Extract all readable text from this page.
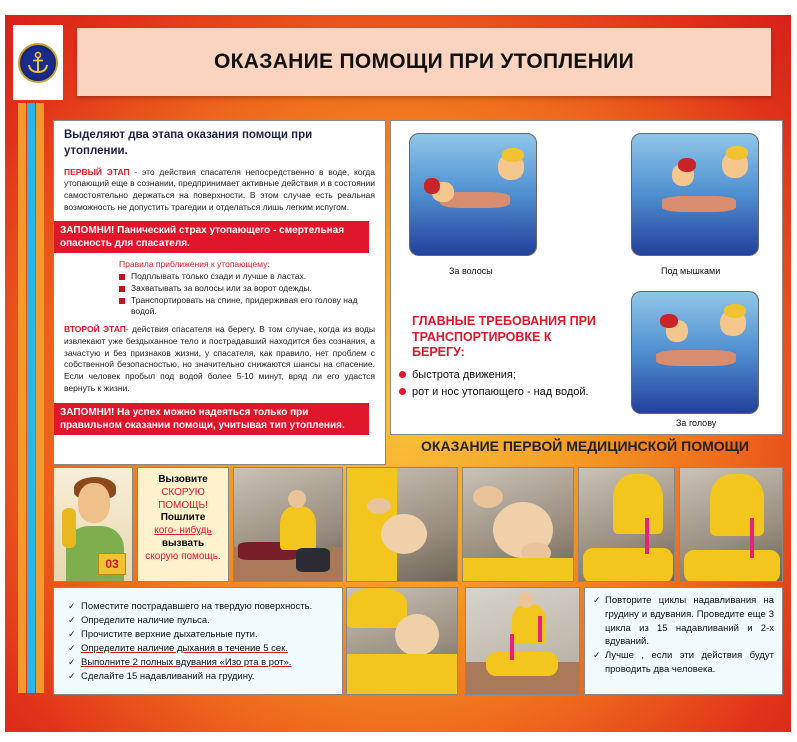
ОКАЗАНИЕ ПОМОЩИ ПРИ УТОПЛЕНИИ
Выделяют два этапа оказания помощи при утоплении.

ПЕРВЫЙ ЭТАП - это действия спасателя непосредственно в воде, когда утопающий еще в сознании, предпринимает активные действия и в состоянии самостоятельно держаться на поверхности. В этом случае есть реальная возможность не допустить трагедии и отделаться лишь легким испугом.

ЗАПОМНИ! Панический страх утопающего - смертельная опасность для спасателя.
Правила приближения к утопающему:
Подплывать только сзади и лучше в ластах.
Захватывать за волосы или за ворот одежды.
Транспортировать на спине, придерживая его голову над водой.

ВТОРОЙ ЭТАП- действия спасателя на берегу. В том случае, когда из воды извлекают уже бездыханное тело и пострадавший находится без сознания, а зачастую и без признаков жизни, у спасателя, как правило, нет проблем с собственной безопасностью, но значительно снижаются шансы на спасение. Если человек пробыл под водой более 5-10 минут, вряд ли его удастся вернуть к жизни.

ЗАПОМНИ! На успех можно надеяться только при правильном оказании помощи, учитывая тип утопления.
За волосы	Под мышками
За голову
ГЛАВНЫЕ ТРЕБОВАНИЯ ПРИ ТРАНСПОРТИРОВКЕ К БЕРЕГУ:
быстрота движения;
рот и нос утопающего - над водой.
ОКАЗАНИЕ ПЕРВОЙ МЕДИЦИНСКОЙ ПОМОЩИ
03
Вызовите
СКОРУЮ
ПОМОЩЬ!
Пошлите
кого- нибудь
вызвать
скорую помощь.
✓ Поместите пострадавшего на твердую поверхность.
✓ Определите наличие пульса.
✓ Прочистите верхние дыхательные пути.
✓ Определите наличие дыхания в течение 5 сек.
✓ Выполните 2 полных вдувания «Изо рта в рот».
✓ Сделайте 15 надавливаний на грудину.

✓ Повторите циклы надавливания на грудину и вдувания. Проведите еще 3 цикла из 15 надавливаний и 2-х вдуваний.

✓ Лучше , если эти действия будут проводить два человека.
